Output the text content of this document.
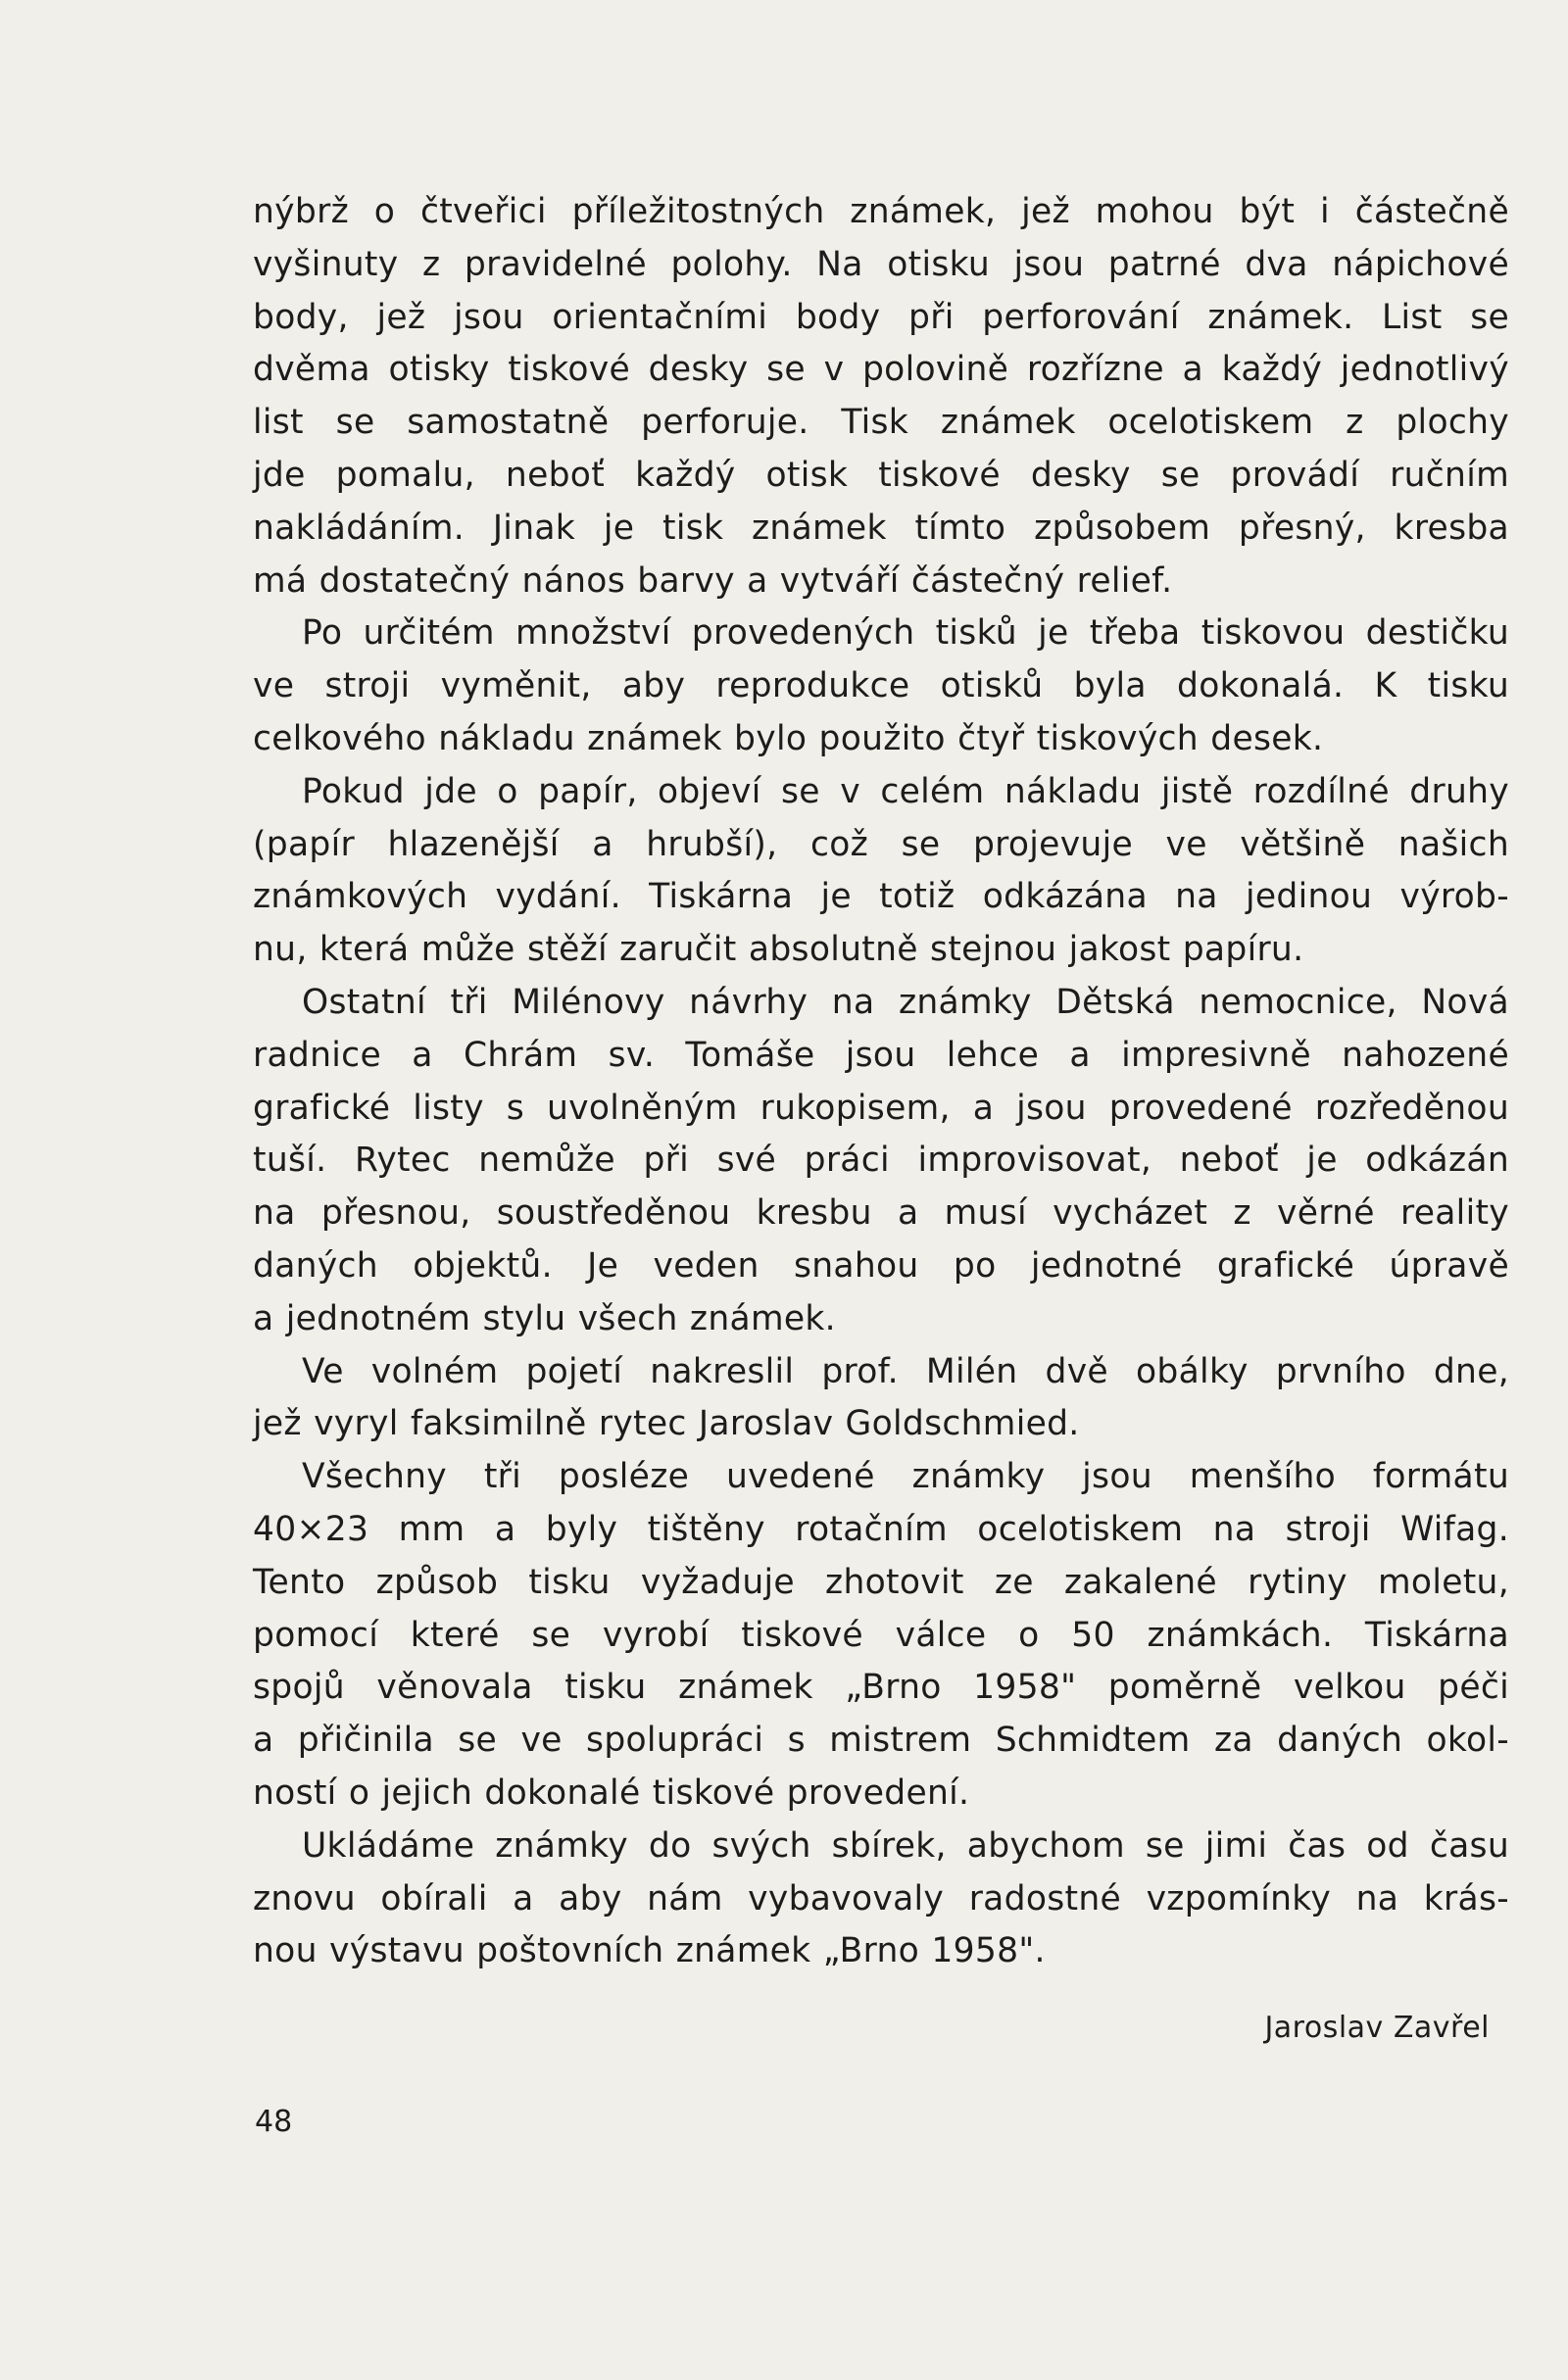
nýbrž o čtveřici příležitostných známek, jež mohou být i částečně
vyšinuty z pravidelné polohy. Na otisku jsou patrné dva nápichové
body, jež jsou orientačními body při perforování známek. List se
dvěma otisky tiskové desky se v polovině rozřízne a každý jednotlivý
list se samostatně perforuje. Tisk známek ocelotiskem z plochy
jde pomalu, neboť každý otisk tiskové desky se provádí ručním
nakládáním. Jinak je tisk známek tímto způsobem přesný, kresba
má dostatečný nános barvy a vytváří částečný relief.
Po určitém množství provedených tisků je třeba tiskovou destičku
ve stroji vyměnit, aby reprodukce otisků byla dokonalá. K tisku
celkového nákladu známek bylo použito čtyř tiskových desek.
Pokud jde o papír, objeví se v celém nákladu jistě rozdílné druhy
(papír hlazenější a hrubší), což se projevuje ve většině našich
známkových vydání. Tiskárna je totiž odkázána na jedinou výrob-
nu, která může stěží zaručit absolutně stejnou jakost papíru.
Ostatní tři Milénovy návrhy na známky Dětská nemocnice, Nová
radnice a Chrám sv. Tomáše jsou lehce a impresivně nahozené
grafické listy s uvolněným rukopisem, a jsou provedené rozředěnou
tuší. Rytec nemůže při své práci improvisovat, neboť je odkázán
na přesnou, soustředěnou kresbu a musí vycházet z věrné reality
daných objektů. Je veden snahou po jednotné grafické úpravě
a jednotném stylu všech známek.
Ve volném pojetí nakreslil prof. Milén dvě obálky prvního dne,
jež vyryl faksimilně rytec Jaroslav Goldschmied.
Všechny tři posléze uvedené známky jsou menšího formátu
40×23 mm a byly tištěny rotačním ocelotiskem na stroji Wifag.
Tento způsob tisku vyžaduje zhotovit ze zakalené rytiny moletu,
pomocí které se vyrobí tiskové válce o 50 známkách. Tiskárna
spojů věnovala tisku známek „Brno 1958" poměrně velkou péči
a přičinila se ve spolupráci s mistrem Schmidtem za daných okol-
ností o jejich dokonalé tiskové provedení.
Ukládáme známky do svých sbírek, abychom se jimi čas od času
znovu obírali a aby nám vybavovaly radostné vzpomínky na krás-
nou výstavu poštovních známek „Brno 1958".
Jaroslav Zavřel
48
